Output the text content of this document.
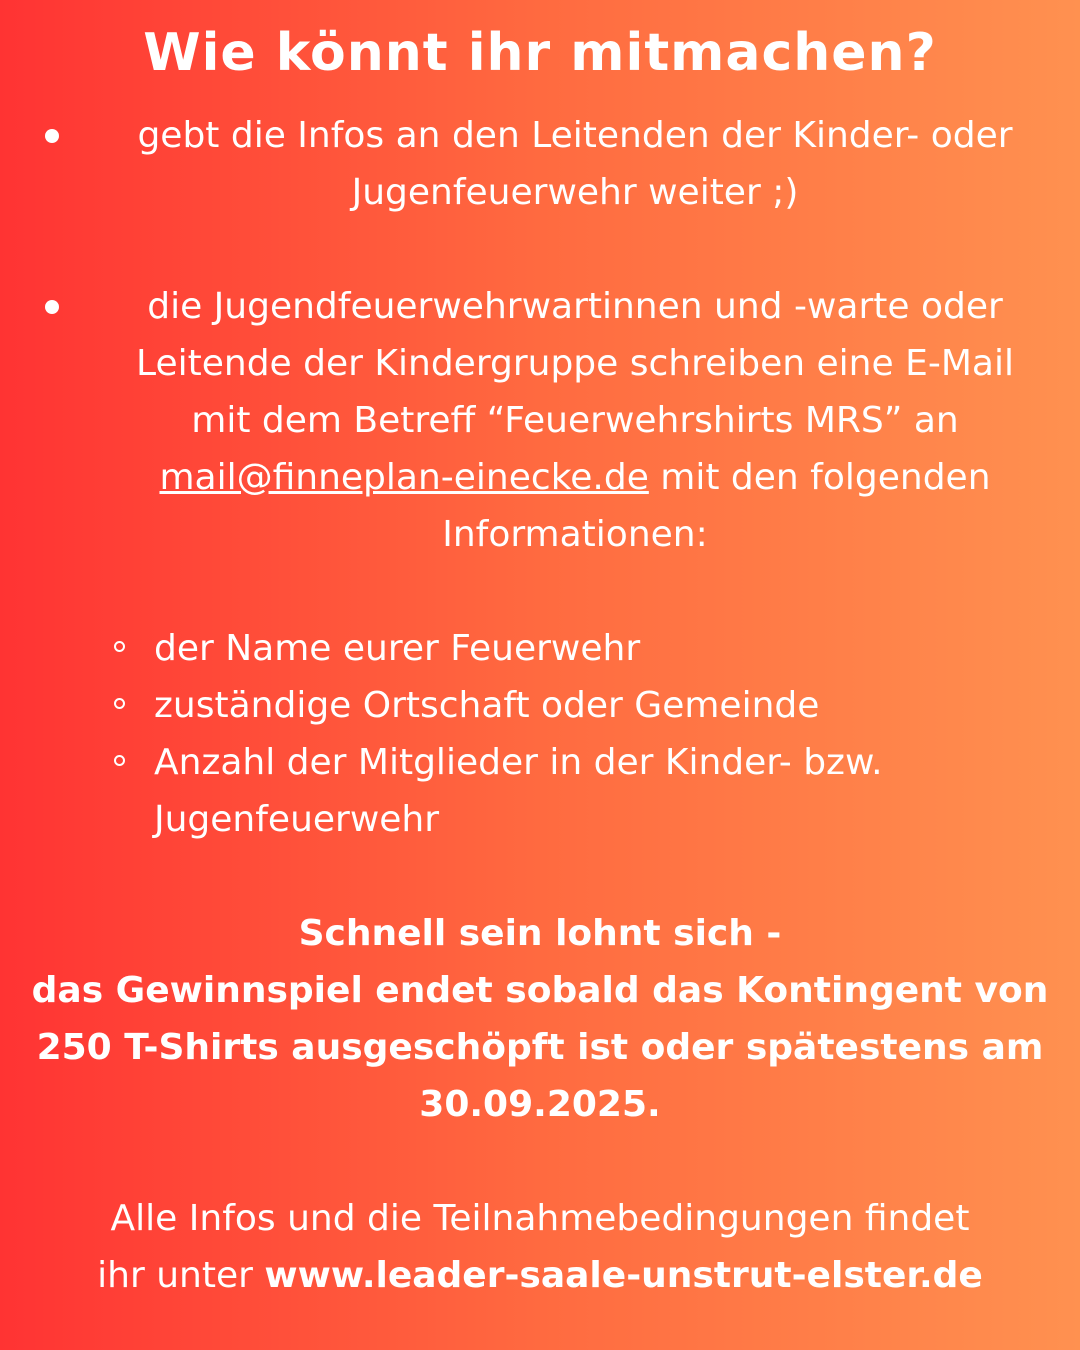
Wie könnt ihr mitmachen?
gebt die Infos an den Leitenden der Kinder- oder
Jugenfeuerwehr weiter ;)
die Jugendfeuerwehrwartinnen und -warte oder
Leitende der Kindergruppe schreiben eine E-Mail
mit dem Betreff “Feuerwehrshirts MRS” an
mail@finneplan-einecke.de mit den folgenden
Informationen:
der Name eurer Feuerwehr
zuständige Ortschaft oder Gemeinde
Anzahl der Mitglieder in der Kinder- bzw.
Jugenfeuerwehr
Schnell sein lohnt sich -
das Gewinnspiel endet sobald das Kontingent von
250 T-Shirts ausgeschöpft ist oder spätestens am
30.09.2025.
Alle Infos und die Teilnahmebedingungen findet
ihr unter www.leader-saale-unstrut-elster.de
